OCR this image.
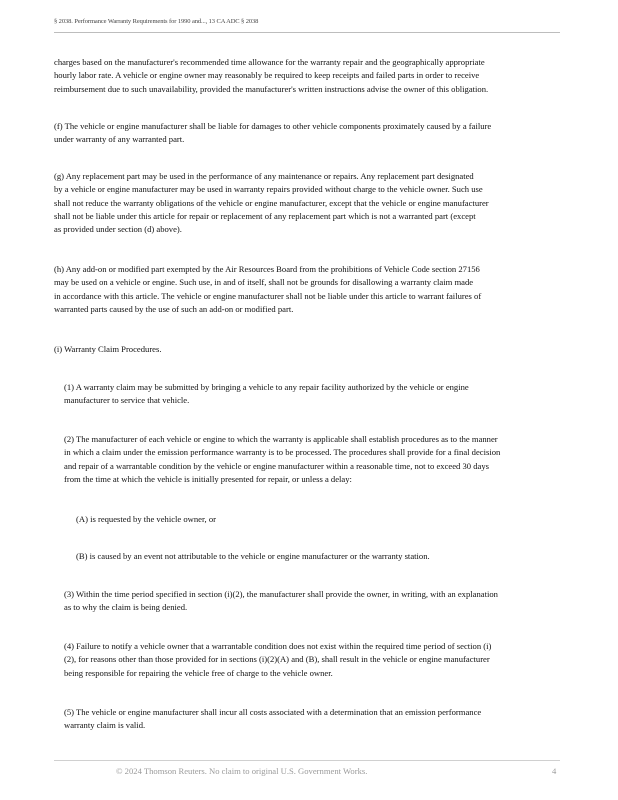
§ 2038. Performance Warranty Requirements for 1990 and..., 13 CA ADC § 2038

charges based on the manufacturer's recommended time allowance for the warranty repair and the geographically appropriate
hourly labor rate. A vehicle or engine owner may reasonably be required to keep receipts and failed parts in order to receive
reimbursement due to such unavailability, provided the manufacturer's written instructions advise the owner of this obligation.

(f) The vehicle or engine manufacturer shall be liable for damages to other vehicle components proximately caused by a failure
under warranty of any warranted part.

(g) Any replacement part may be used in the performance of any maintenance or repairs. Any replacement part designated
by a vehicle or engine manufacturer may be used in warranty repairs provided without charge to the vehicle owner. Such use
shall not reduce the warranty obligations of the vehicle or engine manufacturer, except that the vehicle or engine manufacturer
shall not be liable under this article for repair or replacement of any replacement part which is not a warranted part (except
as provided under section (d) above).

(h) Any add-on or modified part exempted by the Air Resources Board from the prohibitions of Vehicle Code section 27156
may be used on a vehicle or engine. Such use, in and of itself, shall not be grounds for disallowing a warranty claim made
in accordance with this article. The vehicle or engine manufacturer shall not be liable under this article to warrant failures of
warranted parts caused by the use of such an add-on or modified part.

(i) Warranty Claim Procedures.

(1) A warranty claim may be submitted by bringing a vehicle to any repair facility authorized by the vehicle or engine
manufacturer to service that vehicle.

(2) The manufacturer of each vehicle or engine to which the warranty is applicable shall establish procedures as to the manner
in which a claim under the emission performance warranty is to be processed. The procedures shall provide for a final decision
and repair of a warrantable condition by the vehicle or engine manufacturer within a reasonable time, not to exceed 30 days
from the time at which the vehicle is initially presented for repair, or unless a delay:

(A) is requested by the vehicle owner, or

(B) is caused by an event not attributable to the vehicle or engine manufacturer or the warranty station.

(3) Within the time period specified in section (i)(2), the manufacturer shall provide the owner, in writing, with an explanation
as to why the claim is being denied.

(4) Failure to notify a vehicle owner that a warrantable condition does not exist within the required time period of section (i)
(2), for reasons other than those provided for in sections (i)(2)(A) and (B), shall result in the vehicle or engine manufacturer
being responsible for repairing the vehicle free of charge to the vehicle owner.

(5) The vehicle or engine manufacturer shall incur all costs associated with a determination that an emission performance
warranty claim is valid.

© 2024 Thomson Reuters. No claim to original U.S. Government Works.	4
